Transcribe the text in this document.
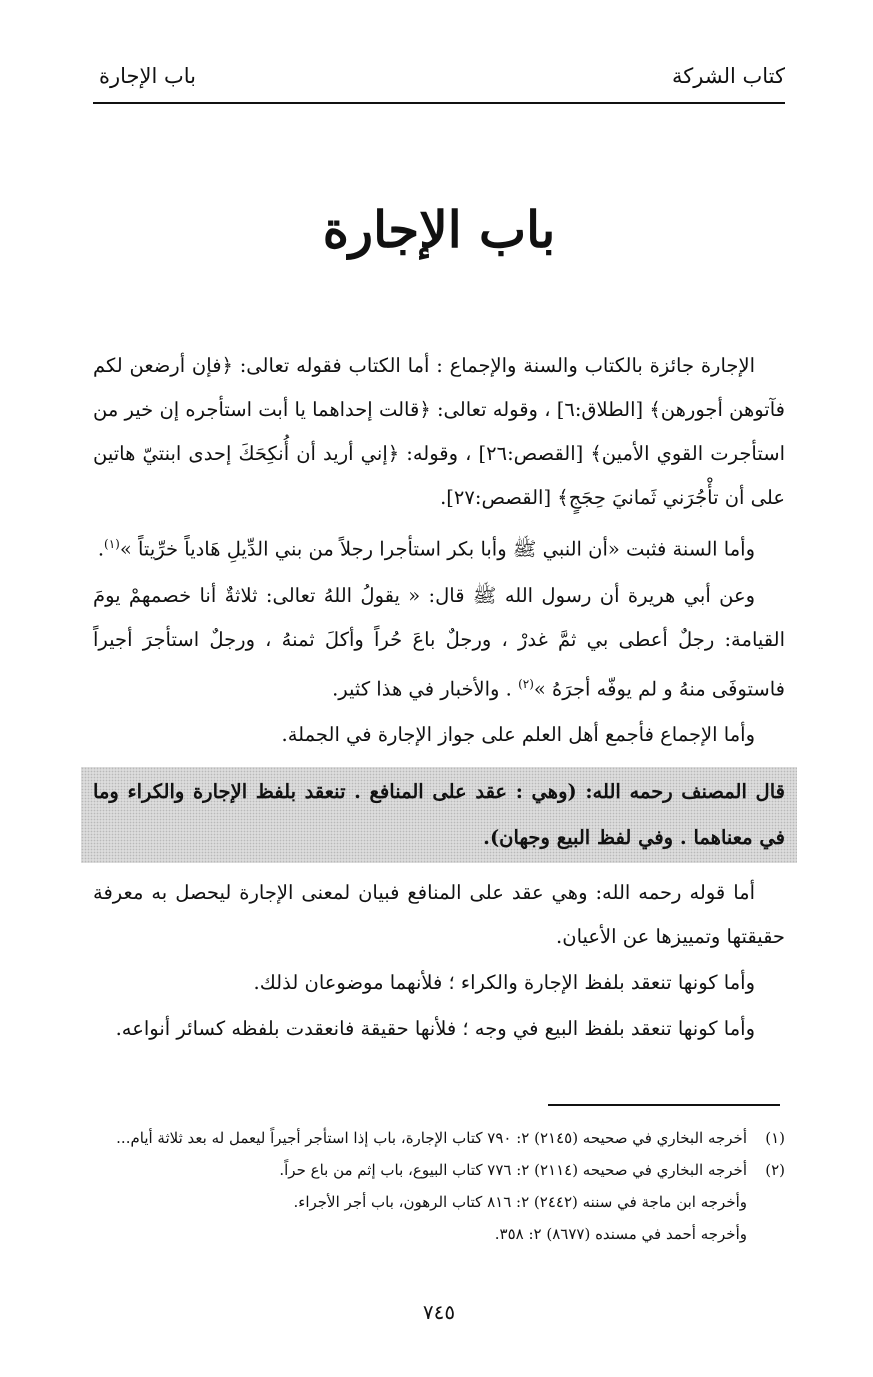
كتاب الشركة
باب الإجارة
باب الإجارة

الإجارة جائزة بالكتاب والسنة والإجماع : أما الكتاب فقوله تعالى: ﴿فإن أرضعن لكم فآتوهن أجورهن﴾ [الطلاق:٦] ، وقوله تعالى: ﴿قالت إحداهما يا أبت استأجره إن خير من استأجرت القوي الأمين﴾ [القصص:٢٦] ، وقوله: ﴿إني أريد أن أُنكِحَكَ إحدى ابنتيّ هاتين على أن تأْجُرَني ثَمانيَ حِجَجٍ﴾ [القصص:٢٧].

وأما السنة فثبت «أن النبي ﷺ وأبا بكر استأجرا رجلاً من بني الدِّيلِ هَادياً خرِّيتاً »$^{(١)}$.

وعن أبي هريرة أن رسول الله ﷺ قال: « يقولُ اللهُ تعالى: ثلاثةٌ أنا خصمهمْ يومَ القيامة: رجلٌ أعطى بي ثمَّ غدرْ ، ورجلٌ باعَ حُراً وأكلَ ثمنهُ ، ورجلٌ استأجرَ أجيراً فاستوفَى منهُ و لم يوفّه أجرَهُ »$^{(٢)}$ . والأخبار في هذا كثير.

وأما الإجماع فأجمع أهل العلم على جواز الإجارة في الجملة.

قال المصنف رحمه الله: (وهي : عقد على المنافع . تنعقد بلفظ الإجارة والكراء وما في معناهما . وفي لفظ البيع وجهان).

أما قوله رحمه الله: وهي عقد على المنافع فبيان لمعنى الإجارة ليحصل به معرفة حقيقتها وتمييزها عن الأعيان.

وأما كونها تنعقد بلفظ الإجارة والكراء ؛ فلأنهما موضوعان لذلك.

وأما كونها تنعقد بلفظ البيع في وجه ؛ فلأنها حقيقة فانعقدت بلفظه كسائر أنواعه.

(١)
أخرجه البخاري في صحيحه (٢١٤٥) ٢: ٧٩٠ كتاب الإجارة، باب إذا استأجر أجيراً ليعمل له بعد ثلاثة أيام...
(٢)
أخرجه البخاري في صحيحه (٢١١٤) ٢: ٧٧٦ كتاب البيوع، باب إثم من باع حراً.
وأخرجه ابن ماجة في سننه (٢٤٤٢) ٢: ٨١٦ كتاب الرهون، باب أجر الأجراء.
وأخرجه أحمد في مسنده (٨٦٧٧) ٢: ٣٥٨.
٧٤٥
